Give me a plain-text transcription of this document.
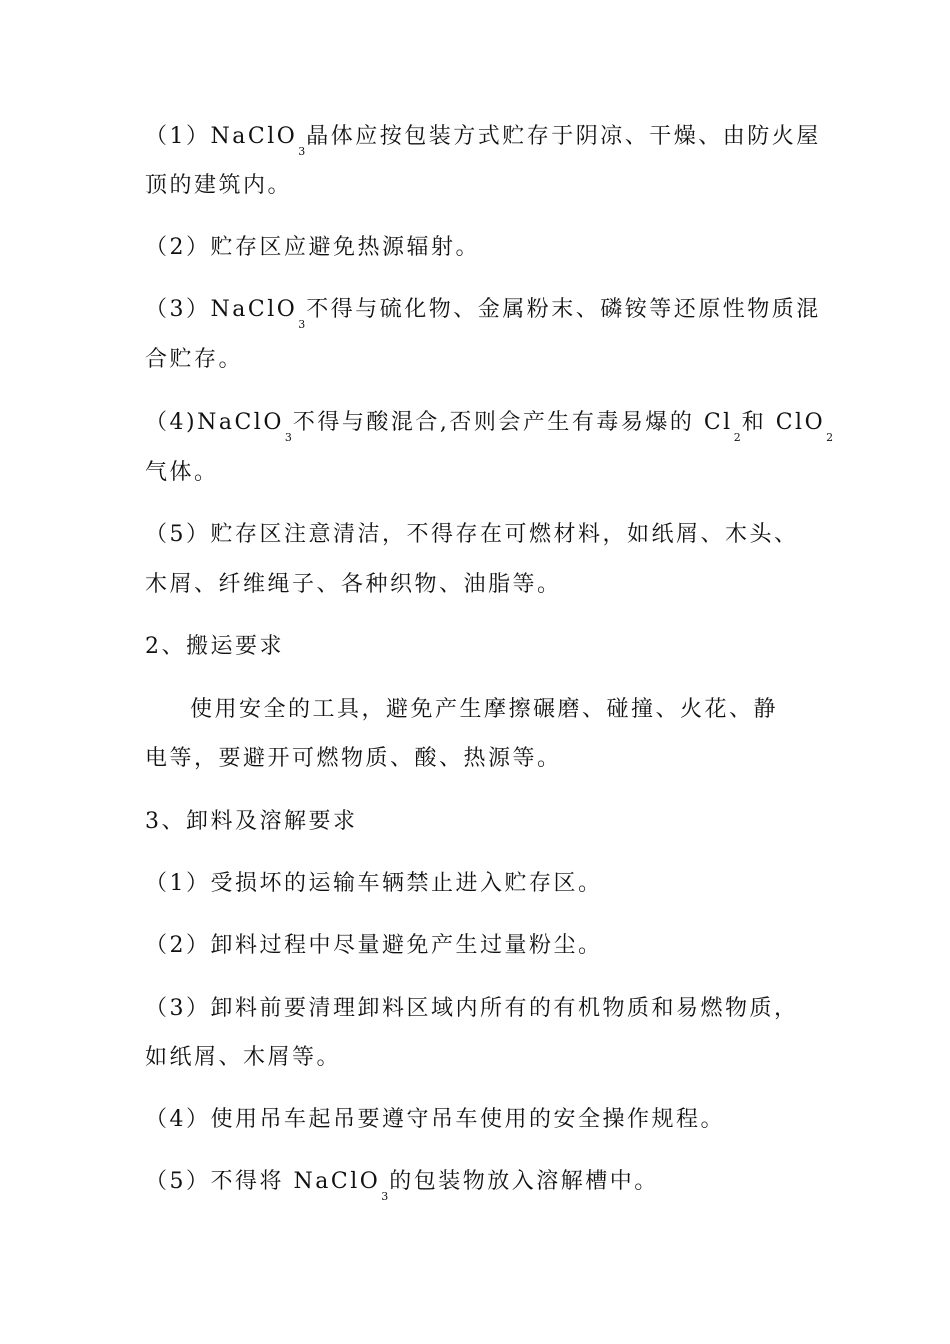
（1）NaClO$_3$晶体应按包装方式贮存于阴凉、干燥、由防火屋
顶的建筑内。
（2）贮存区应避免热源辐射。
（3）NaClO$_3$不得与硫化物、金属粉末、磷铵等还原性物质混
合贮存。
（4)NaClO$_3$不得与酸混合,否则会产生有毒易爆的 $Cl_2$和 ClO$_2$
气体。
（5）贮存区注意清洁，不得存在可燃材料，如纸屑、木头、
木屑、纤维绳子、各种织物、油脂等。
2、搬运要求
使用安全的工具，避免产生摩擦碾磨、碰撞、火花、静
电等，要避开可燃物质、酸、热源等。
3、卸料及溶解要求
（1）受损坏的运输车辆禁止进入贮存区。
（2）卸料过程中尽量避免产生过量粉尘。
（3）卸料前要清理卸料区域内所有的有机物质和易燃物质，
如纸屑、木屑等。
（4）使用吊车起吊要遵守吊车使用的安全操作规程。
（5）不得将 NaClO$_3$的包装物放入溶解槽中。
